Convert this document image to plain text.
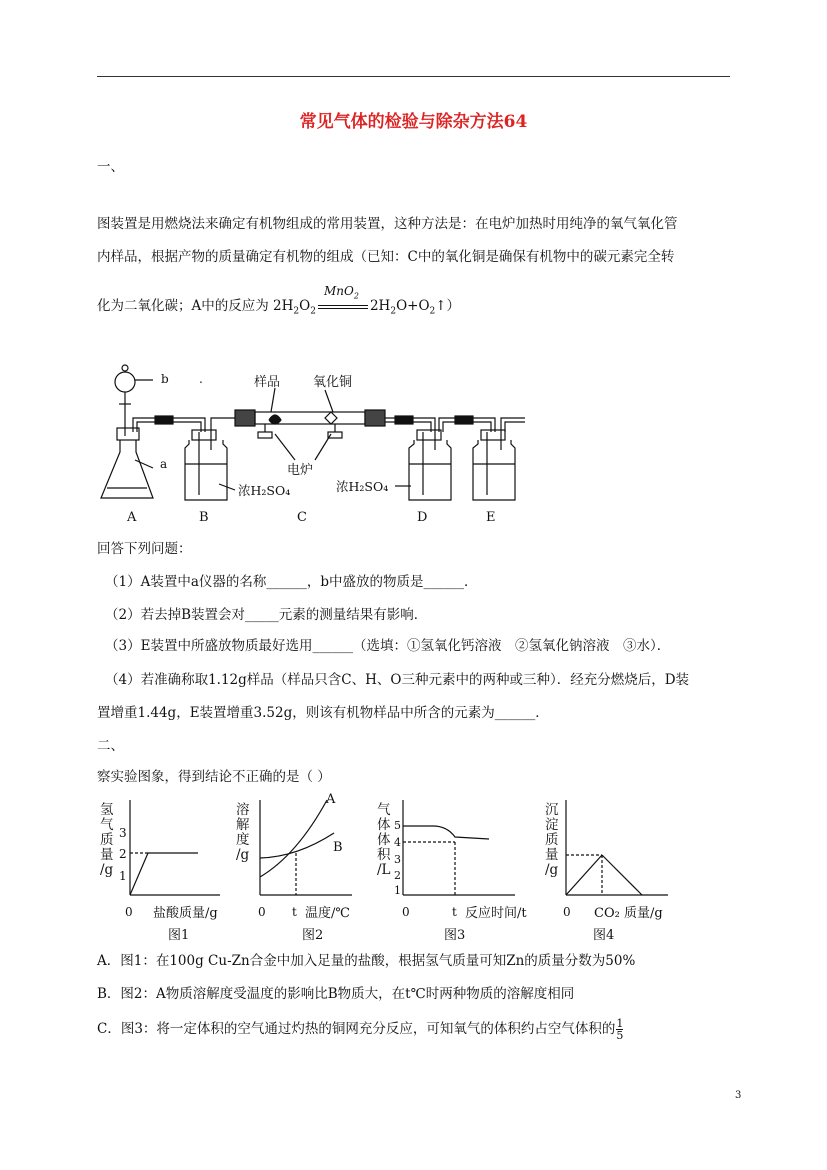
常见气体的检验与除杂方法64
一、
图装置是用燃烧法来确定有机物组成的常用装置，这种方法是：在电炉加热时用纯净的氧气氧化管
内样品，根据产物的质量确定有机物的组成（已知：C中的氧化铜是确保有机物中的碳元素完全转
化为二氧化碳；A中的反应为 $2H_2O_2$
MnO$_2$
$2H_2O+O_2↑$）
b	.
a
样品	氧化铜
电炉
浓H₂SO₄	浓H₂SO₄
A	B	C	D	E
回答下列问题：
（1）A装置中a仪器的名称______，b中盛放的物质是______．
（2）若去掉B装置会对_____元素的测量结果有影响．
（3）E装置中所盛放物质最好选用______（选填：①氢氧化钙溶液　②氢氧化钠溶液　③水）．
（4）若准确称取1.12g样品（样品只含C、H、O三种元素中的两种或三种）．经充分燃烧后，D装
置增重1.44g，E装置增重3.52g，则该有机物样品中所含的元素为______．
二、
察实验图象，得到结论不正确的是（ ）
氢
气
质
量
/g
3
2
1
0 盐酸质量/g
图1
溶
解
度
/g
0 t 温度/℃
A
B
图2
气
体
体
积
/L
5
4
3
2
1
0	t 反应时间/t
图3
沉
淀
质
量
/g
0 CO₂ 质量/g
图4
A．图1：在100g Cu-Zn合金中加入足量的盐酸，根据氢气质量可知Zn的质量分数为50%
B．图2：A物质溶解度受温度的影响比B物质大，在t℃时两种物质的溶解度相同
C．图3：将一定体积的空气通过灼热的铜网充分反应，可知氧气的体积约占空气体积的 $\frac{1}{5}$
3
